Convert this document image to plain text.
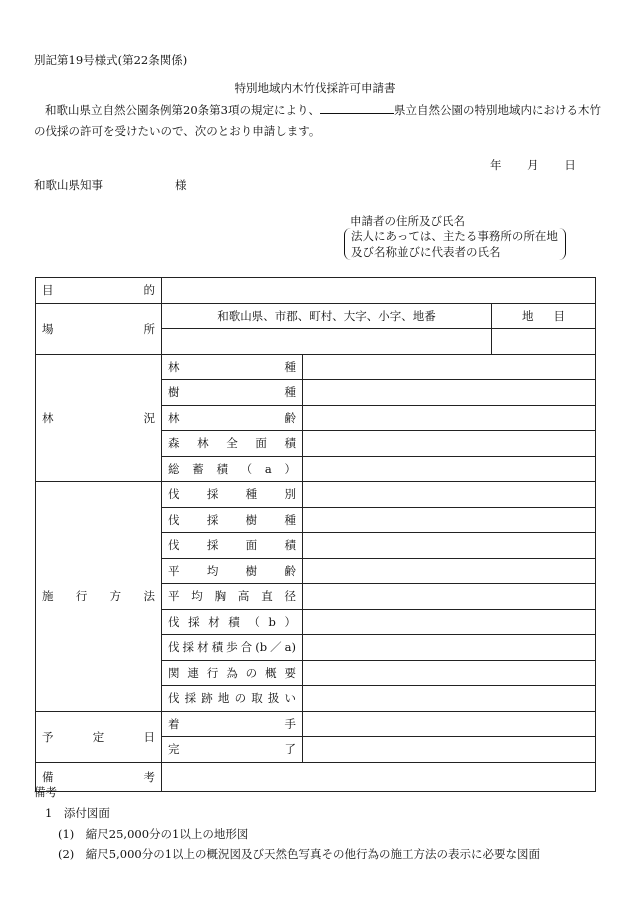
別記第19号様式(第22条関係)
特別地域内木竹伐採許可申請書
和歌山県立自然公園条例第20条第3項の規定により、	県立自然公園の特別地域内における木竹の伐採の許可を受けたいので、次のとおり申請します。
年 月 日
和歌山県知事	様
申請者の住所及び氏名
法人にあっては、主たる事務所の所在地
及び名称並びに代表者の氏名
目的			
場所	和歌山県、市郡、町村、大字、小字、地番		地目

林況	林種		
	樹種		
	林齢		
	森林全面積		
	総蓄積（a）		
施行方法	伐採種別		
	伐採樹種		
	伐採面積		
	平均樹齢		
	平均胸高直径		
	伐採材積（b）		
	伐採材積歩合(b／a)		
	関連行為の概要		
	伐採跡地の取扱い		
予定日	着手		
	完了		
備考			
備考
1　添付図面
(1)　縮尺25,000分の1以上の地形図
(2)　縮尺5,000分の1以上の概況図及び天然色写真その他行為の施工方法の表示に必要な図面
